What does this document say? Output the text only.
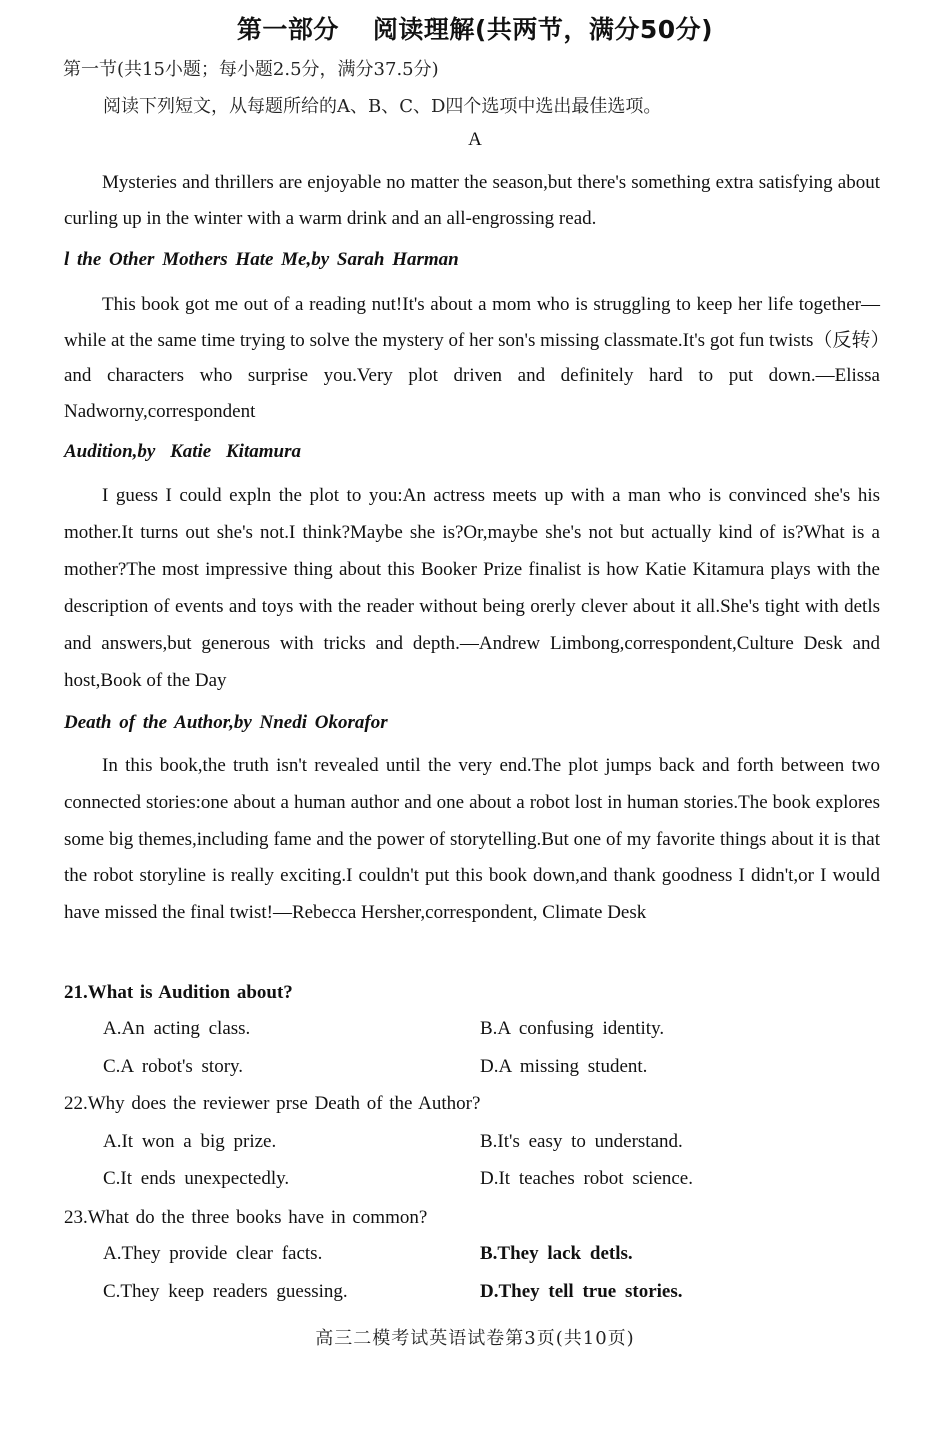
第一部分 阅读理解(共两节，满分50分)
第一节(共15小题；每小题2.5分，满分37.5分)
阅读下列短文，从每题所给的A、B、C、D四个选项中选出最佳选项。
A
Mysteries and thrillers are enjoyable no matter the season,but there's something extra satisfying about curling up in the winter with a warm drink and an all-engrossing read.
l the Other Mothers Hate Me,by Sarah Harman
This book got me out of a reading nut!It's about a mom who is struggling to keep her life together—while at the same time trying to solve the mystery of her son's missing classmate.It's got fun twists（反转）and characters who surprise you.Very plot driven and definitely hard to put down.—Elissa Nadworny,correspondent
Audition,by Katie Kitamura
I guess I could expln the plot to you:An actress meets up with a man who is convinced she's his mother.It turns out she's not.I think?Maybe she is?Or,maybe she's not but actually kind of is?What is a mother?The most impressive thing about this Booker Prize finalist is how Katie Kitamura plays with the description of events and toys with the reader without being orerly clever about it all.She's tight with detls and answers,but generous with tricks and depth.—Andrew Limbong,correspondent,Culture Desk and host,Book of the Day
Death of the Author,by Nnedi Okorafor
In this book,the truth isn't revealed until the very end.The plot jumps back and forth between two connected stories:one about a human author and one about a robot lost in human stories.The book explores some big themes,including fame and the power of storytelling.But one of my favorite things about it is that the robot storyline is really exciting.I couldn't put this book down,and thank goodness I didn't,or I would have missed the final twist!—Rebecca Hersher,correspondent, Climate Desk
21.What is Audition about?
A.An acting class.	B.A confusing identity.
C.A robot's story.	D.A missing student.
22.Why does the reviewer prse Death of the Author?
A.It won a big prize.	B.It's easy to understand.
C.It ends unexpectedly.	D.It teaches robot science.
23.What do the three books have in common?
A.They provide clear facts.	B.They lack detls.
C.They keep readers guessing.	D.They tell true stories.
高三二模考试英语试卷第3页(共10页)
